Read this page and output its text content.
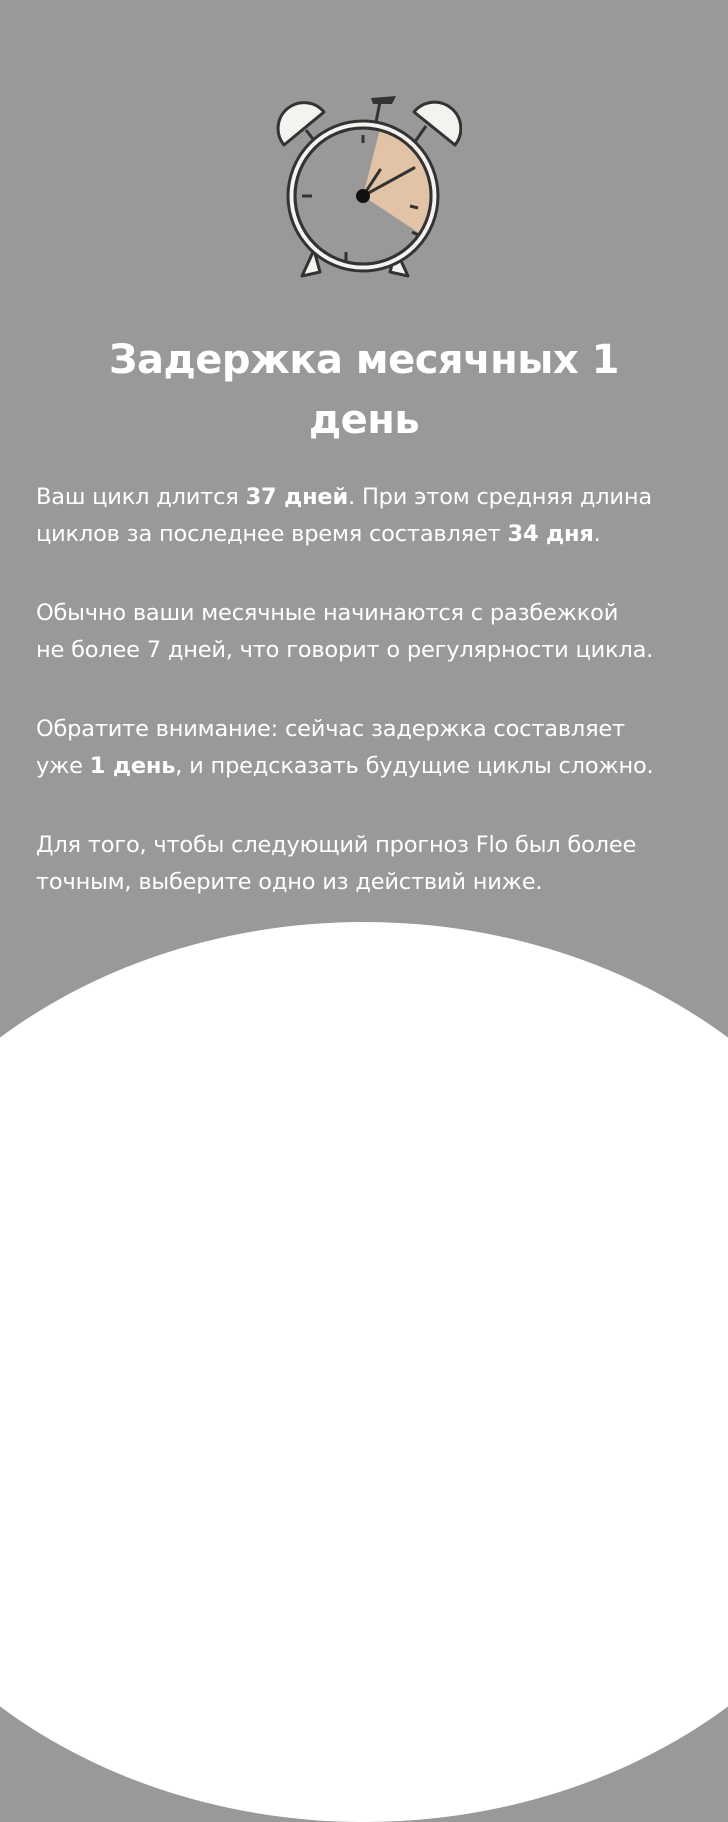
Задержка месячных 1
день

Ваш цикл длится 37 дней. При этом средняя длина
циклов за последнее время составляет 34 дня.

Обычно ваши месячные начинаются с разбежкой
не более 7 дней, что говорит о регулярности цикла.

Обратите внимание: сейчас задержка составляет
уже 1 день, и предсказать будущие циклы сложно.

Для того, чтобы следующий прогноз Flo был более
точным, выберите одно из действий ниже.
